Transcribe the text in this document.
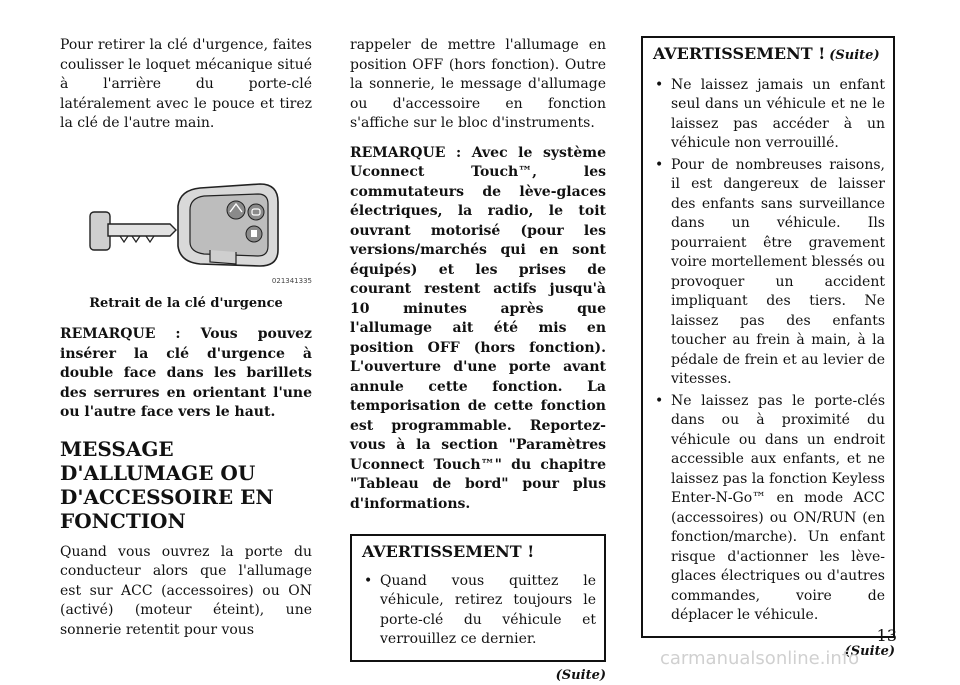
Pour retirer la clé d'urgence, faites coulisser le loquet mécanique situé à l'arrière du porte-clé latéralement avec le pouce et tirez la clé de l'autre main.

021341335

Retrait de la clé d'urgence

REMARQUE : Vous pouvez insérer la clé d'urgence à double face dans les barillets des serrures en orientant l'une ou l'autre face vers le haut.

MESSAGE D'ALLUMAGE OU D'ACCESSOIRE EN FONCTION

Quand vous ouvrez la porte du conducteur alors que l'allumage est sur ACC (accessoires) ou ON (activé) (moteur éteint), une sonnerie retentit pour vous

rappeler de mettre l'allumage en position OFF (hors fonction). Outre la sonnerie, le message d'allumage ou d'accessoire en fonction s'affiche sur le bloc d'instruments.

REMARQUE : Avec le système Uconnect Touch™, les commutateurs de lève-glaces électriques, la radio, le toit ouvrant motorisé (pour les versions/marchés qui en sont équipés) et les prises de courant restent actifs jusqu'à 10 minutes après que l'allumage ait été mis en position OFF (hors fonction). L'ouverture d'une porte avant annule cette fonction. La temporisation de cette fonction est programmable. Reportez-vous à la section "Paramètres Uconnect Touch™" du chapitre "Tableau de bord" pour plus d'informations.

AVERTISSEMENT !
• Quand vous quittez le véhicule, retirez toujours le porte-clé du véhicule et verrouillez ce dernier.
(Suite)
AVERTISSEMENT ! (Suite)
• Ne laissez jamais un enfant seul dans un véhicule et ne le laissez pas accéder à un véhicule non verrouillé.
• Pour de nombreuses raisons, il est dangereux de laisser des enfants sans surveillance dans un véhicule. Ils pourraient être gravement voire mortellement blessés ou provoquer un accident impliquant des tiers. Ne laissez pas des enfants toucher au frein à main, à la pédale de frein et au levier de vitesses.
• Ne laissez pas le porte-clés dans ou à proximité du véhicule ou dans un endroit accessible aux enfants, et ne laissez pas la fonction Keyless Enter-N-Go™ en mode ACC (accessoires) ou ON/RUN (en fonction/marche). Un enfant risque d'actionner les lève-glaces électriques ou d'autres commandes, voire de déplacer le véhicule.
(Suite)
13
carmanualsonline.info
